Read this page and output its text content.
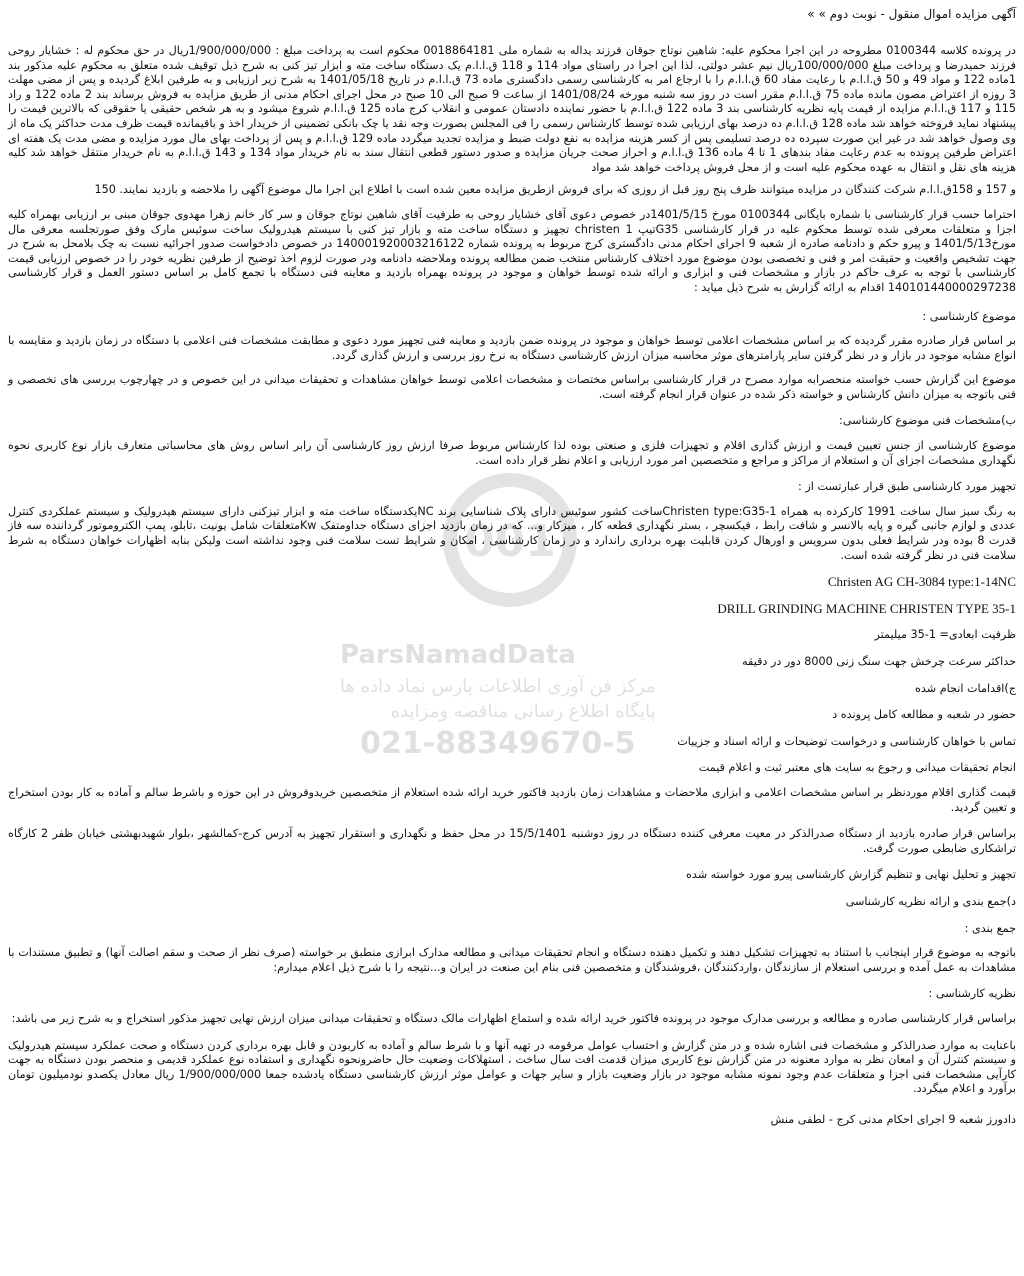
001
ParsNamadData
مرکز فن آوری اطلاعات پارس نماد داده ها
پایگاه اطلاع رسانی مناقصه ومزایده
021-88349670-5

آگهی مزایده اموال منقول - نوبت دوم » »

در پرونده کلاسه 0100344 مطروحه در این اجرا محکوم علیه: شاهین نوتاج جوقان فرزند یداله به شماره ملی 0018864181 محکوم است به پرداخت مبلغ : 1/900/000/000ریال در حق محکوم له : خشایار روحی فرزند حمیدرضا و پرداخت مبلغ 100/000/000ریال نیم عشر دولتی، لذا این اجرا در راستای مواد 114 و 118 ق.ا.ا.م یک دستگاه ساخت مته و ابزار تیز کنی به شرح ذیل توقیف شده متعلق به محکوم علیه مذکور بند 1ماده 122 و مواد 49 و 50 ق.ا.ا.م با رعایت مفاد 60 ق.ا.ا.م را با ارجاع امر به کارشناسی رسمی دادگستری ماده 73 ق.ا.ا.م در تاریخ 1401/05/18 به شرح زیر ارزیابی و به طرفین ابلاغ گردیده و پس از مضی مهلت 3 روزه از اعتراض مصون مانده ماده 75 ق.ا.ا.م مقرر است در روز سه شنبه مورخه 1401/08/24 از ساعت 9 صبح الی 10 صبح در محل اجرای احکام مدنی از طریق مزایده به فروش برساند بند 2 ماده 122 و راد 115 و 117 ق.ا.ا.م مزایده از قیمت پایه نظریه کارشناسی بند 3 ماده 122 ق.ا.ا.م با حضور نماینده دادستان عمومی و انقلاب کرج ماده 125 ق.ا.ا.م شروع میشود و به هر شخص حقیقی یا حقوقی که بالاترین قیمت را پیشنهاد نماید فروخته خواهد شد ماده 128 ق.ا.ا.م ده درصد بهای ارزیابی شده توسط کارشناس رسمی را فی المجلس بصورت وجه نقد یا چک بانکی تضمینی از خریدار اخذ و باقیمانده قیمت ظرف مدت حداکثر یک ماه از وی وصول خواهد شد در غیر این صورت سپرده ده درصد تسلیمی پس از کسر هزینه مزایده به نفع دولت ضبط و مزایده تجدید میگردد ماده 129 ق.ا.ا.م و پس از پرداخت بهای مال مورد مزایده و مضی مدت یک هفته ای اعتراض طرفین پرونده به عدم رعایت مفاد بندهای 1 تا 4 ماده 136 ق.ا.ا.م و احراز صحت جریان مزایده و صدور دستور قطعی انتقال سند به نام خریدار مواد 134 و 143 ق.ا.ا.م به نام خریدار منتقل خواهد شد کلیه هزینه های نقل و انتقال به عهده محکوم علیه است و از محل فروش پرداخت خواهد شد مواد

و 157 و 158ق.ا.ا.م شرکت کنندگان در مزایده میتوانند ظرف پنج روز قبل از روزی که برای فروش ازطریق مزایده معین شده است با اطلاع این اجرا مال موضوع آگهی را ملاحضه و بازدید نمایند. 150

احتراما حسب قرار کارشناسی با شماره بایگانی 0100344 مورخ 1401/5/15در خصوص دعوی آقای خشایار روحی به طرفیت آقای شاهین نوتاج جوقان و سر کار خانم زهرا مهدوی جوقان مبنی بر ارزیابی بهمراه کلیه اجزا و متعلقات معرفی شده توسط محکوم علیه در قرار کارشناسی G35تیپ 1 christen تجهیز و دستگاه ساخت مته و بازار تیز کنی با سیستم هیدرولیک ساخت سوئیس مارک وفق صورتجلسه معرفی مال مورخ1401/5/13 و پیرو حکم و دادنامه صادره از شعبه 9 اجرای احکام مدنی دادگستری کرج مربوط به پرونده شماره 140001920003216122 در خصوص دادخواست صدور اجرائیه نسبت به چک بلامحل به شرح در جهت تشخیص واقعیت و حقیقت امر و فنی و تخصصی بودن موضوع مورد اختلاف کارشناس منتخب ضمن مطالعه پرونده وملاحضه دادنامه ودر صورت لزوم اخذ توضیح از طرفین نظریه خودر را در خصوص ارزیابی قیمت کارشناسی با توجه به عرف حاکم در بازار و مشخصات فنی و ابزاری و ارائه شده توسط خواهان و موجود در پرونده بهمراه بازدید و معاینه فنی دستگاه با تجمع کامل بر اساس دستور العمل و قرار کارشناسی 140101440000297238 اقدام به ارائه گزارش به شرح ذیل میاید :

موضوع کارشناسی :

بر اساس قرار صادره مقرر گردیده که بر اساس مشخصات اعلامی توسط خواهان و موجود در پرونده ضمن بازدید و معاینه فنی تجهیز مورد دعوی و مطابقت مشخصات فنی اعلامی با دستگاه در زمان بازدید و مقایسه با انواع مشابه موجود در بازار و در نظر گرفتن سایر پارامترهای موثر محاسبه میزان ارزش کارشناسی دستگاه به نرخ روز بررسی و ارزش گذاری گردد.

موضوع این گزارش حسب خواسته منحصرابه موارد مصرح در قرار کارشناسی براساس مختصات و مشخصات اعلامی توسط خواهان مشاهدات و تحقیقات میدانی در این خصوص و در چهارچوب بررسی های تخصصی و فنی باتوجه به میزان دانش کارشناس و خواسته ذکر شده در عنوان قرار انجام گرفته است.

ب)مشخصات فنی موضوع کارشناسی:

موضوع کارشناسی از جنس تعیین قیمت و ارزش گذاری اقلام و تجهیزات فلزی و صنعتی بوده لذا کارشناس مربوط صرفا ارزش روز کارشناسی آن رابر اساس روش های محاسباتی متعارف بازار نوع کاربری نحوه نگهداری مشخصات اجزای آن و استعلام از مراکز و مراجع و متخصصین امر مورد ارزیابی و اعلام نظر قرار داده است.

تجهیز مورد کارشناسی طبق قرار عبارتست از :

به رنگ سبز سال ساخت 1991 کارکرده به همراه Christen type:G35-1ساخت کشور سوئیس دارای پلاک شناسایی برند NCیکدستگاه ساخت مته و ابزار تیزکنی دارای سیستم هیدرولیک و سیستم عملکردی کنترل عددی و لوازم جانبی گیره و پایه بالانسر و شافت رابط ، فیکسچر ، بستر نگهداری قطعه کار ، میزکار و... که در زمان بازدید اجزای دستگاه جداومتفک Kwمتعلقات شامل یونیت ،تابلو، پمپ الکتروموتور گرداننده سه فاز قدرت 8 بوده ودر شرایط فعلی بدون سرویس و اورهال کردن قابلیت بهره برداری راندارد و در زمان کارشناسی ، امکان و شرایط تست سلامت فنی وجود نداشته است ولیکن بنابه اظهارات خواهان دستگاه به شرط سلامت فنی در نظر گرفته شده است.

Christen AG CH-3084 type:1-14NC

DRILL GRINDING MACHINE CHRISTEN TYPE 35-1

ظرفیت ابعادی= 1-35 میلیمتر

حداکثر سرعت چرخش جهت سنگ زنی 8000 دور در دقیقه

ج)اقدامات انجام شده

حضور در شعبه و مطالعه کامل پرونده د

تماس با خواهان کارشناسی و درخواست توضیحات و ارائه اسناد و جزییات

انجام تحقیقات میدانی و رجوع به سایت های معتبر ثبت و اعلام قیمت

قیمت گذاری اقلام موردنظر بر اساس مشخصات اعلامی و ابزاری ملاحضات و مشاهدات زمان بازدید فاکتور خرید ارائه شده استعلام از متخصصین خریدوفروش در این حوزه و باشرط سالم و آماده به کار بودن استخراج و تعیین گردید.

براساس قرار صادره بازدید از دستگاه صدرالذکر در معیت معرفی کننده دستگاه در روز دوشنبه 15/5/1401 در محل حفظ و نگهداری و استقرار تجهیز به آدرس کرج-کمالشهر ،بلوار شهیدبهشتی خیابان ظفر 2 کارگاه تراشکاری ضابطی صورت گرفت.

تجهیز و تحلیل نهایی و تنظیم گزارش کارشناسی پیرو مورد خواسته شده

د)جمع بندی و ارائه نظریه کارشناسی

جمع بندی :

باتوجه به موضوع قرار اینجانب با استناد به تجهیزات تشکیل دهند و تکمیل دهنده دستگاه و انجام تحقیقات میدانی و مطالعه مدارک ابرازی منطبق بر خواسته (صرف نظر از صحت و سقم اصالت آنها) و تطبیق مستندات با مشاهدات به عمل آمده و بررسی استعلام از سازندگان ،واردکنندگان ،فروشندگان و متخصصین فنی بنام این صنعت در ایران و...نتیجه را با شرح ذیل اعلام میدارم:

نظریه کارشناسی :

براساس قرار کارشناسی صادره و مطالعه و بررسی مدارک موجود در پرونده فاکتور خرید ارائه شده و استماع اظهارات مالک دستگاه و تحقیقات میدانی میزان ارزش نهایی تجهیز مذکور استخراج و به شرح زیر می باشد:

باعنایت به موارد صدرالذکر و مشخصات فنی اشاره شده و در متن گزارش و احتساب عوامل مرقومه در تهیه آنها و با شرط سالم و آماده به کاربودن و قابل بهره برداری کردن دستگاه و صحت عملکرد سیستم هیدرولیک و سیستم کنترل آن و امعان نظر به موارد معنونه در متن گزارش نوع کاربری میزان قدمت افت سال ساخت ، استهلاکات وضعیت حال حاضرونحوه نگهداری و استفاده نوع عملکرد قدیمی و منحصر بودن دستگاه به جهت کارآیی مشخصات فنی اجزا و متعلقات عدم وجود نمونه مشابه موجود در بازار وضعیت بازار و سایر جهات و عوامل موثر ارزش کارشناسی دستگاه یادشده جمعا 1/900/000/000 ریال معادل یکصدو نودمیلیون تومان برآورد و اعلام میگردد.

دادورز شعبه 9 اجرای احکام مدنی کرج - لطفی منش
